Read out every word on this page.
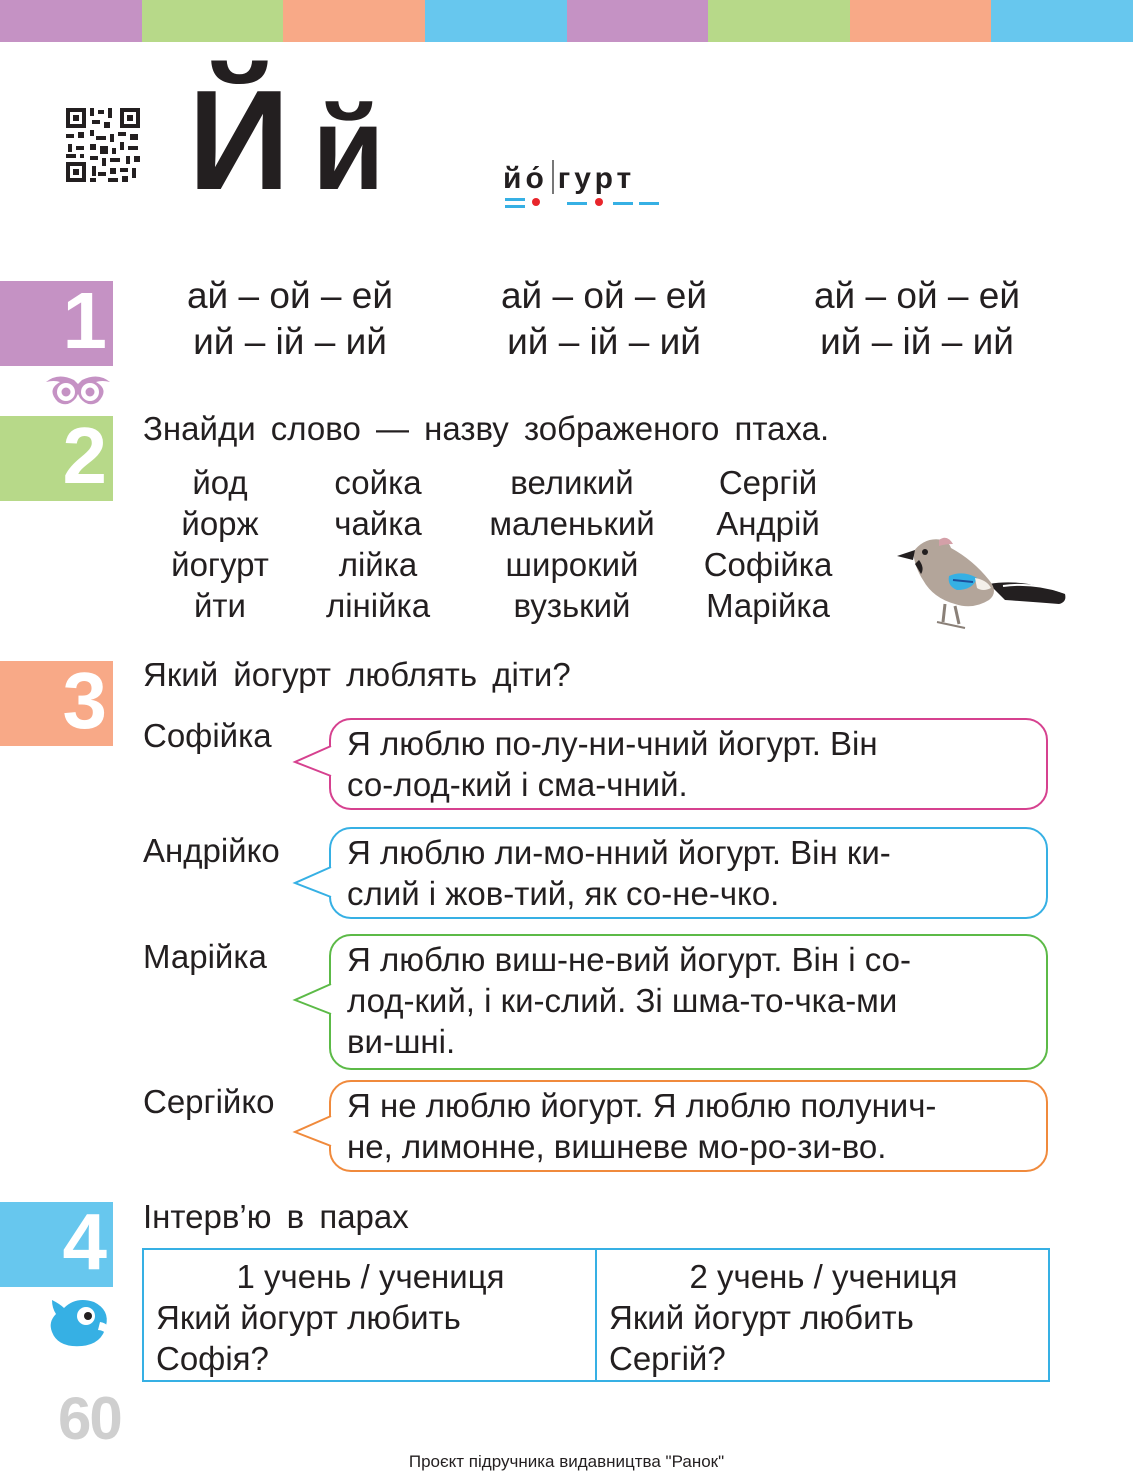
Й й	йо́ гурт
1
2
3
4
ай – ой – ей
ий – ій – ий
ай – ой – ей
ий – ій – ий
ай – ой – ей
ий – ій – ий
Знайди слово — назву зображеного птаха.
йод
йорж
йогурт
йти
сойка
чайка
лійка
лінійка
великий
маленький
широкий
вузький
Сергій
Андрій
Софійка
Марійка
Який йогурт люблять діти?
Софійка Я люблю по-лу-ни-чний йогурт. Він

со-лод-кий і сма-чний.

Андрійко Я люблю ли-мо-нний йогурт. Він ки-

слий і жов-тий, як со-не-чко.

Марійка Я люблю виш-не-вий йогурт. Він і со-

лод-кий, і ки-слий. Зі шма-то-чка-ми

ви-шні.

Сергійко Я не люблю йогурт. Я люблю полунич-

не, лимонне, вишневе мо-ро-зи-во.

Інтерв’ю в парах
1 учень / учениця
Який йогурт любить
Софія?
2 учень / учениця
Який йогурт любить
Сергій?
60
Проєкт підручника видавництва "Ранок"
